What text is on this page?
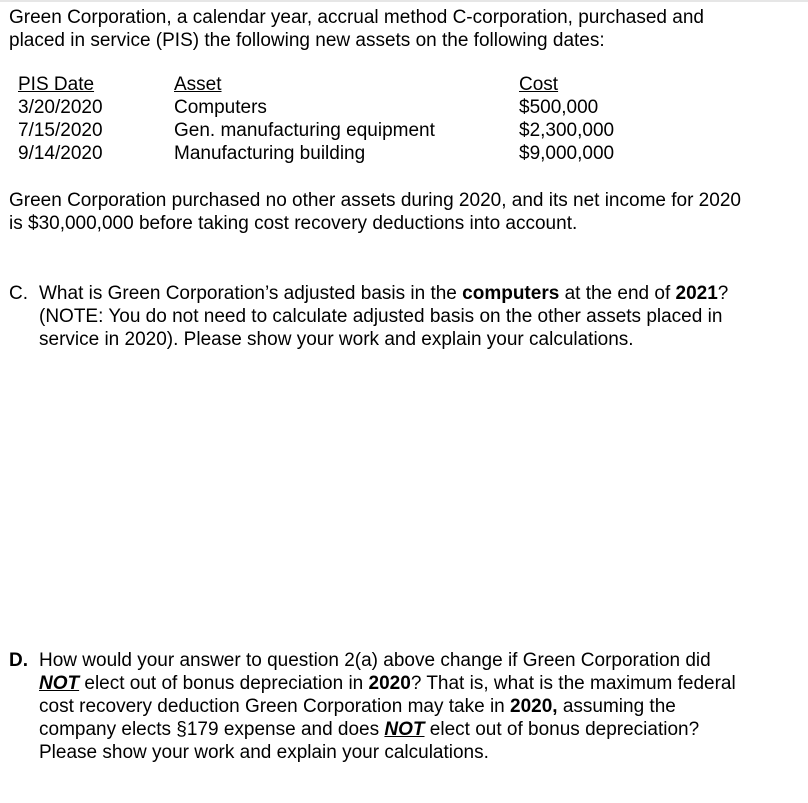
Green Corporation, a calendar year, accrual method C-corporation, purchased and

placed in service (PIS) the following new assets on the following dates:

PIS Date	Asset	Cost
3/20/2020	Computers	$500,000
7/15/2020	Gen. manufacturing equipment	$2,300,000
9/14/2020	Manufacturing building	$9,000,000

Green Corporation purchased no other assets during 2020, and its net income for 2020

is $30,000,000 before taking cost recovery deductions into account.

C. What is Green Corporation’s adjusted basis in the computers at the end of 2021?
(NOTE: You do not need to calculate adjusted basis on the other assets placed in
service in 2020). Please show your work and explain your calculations.
D. How would your answer to question 2(a) above change if Green Corporation did
NOT elect out of bonus depreciation in 2020? That is, what is the maximum federal
cost recovery deduction Green Corporation may take in 2020, assuming the
company elects §179 expense and does NOT elect out of bonus depreciation?
Please show your work and explain your calculations.
